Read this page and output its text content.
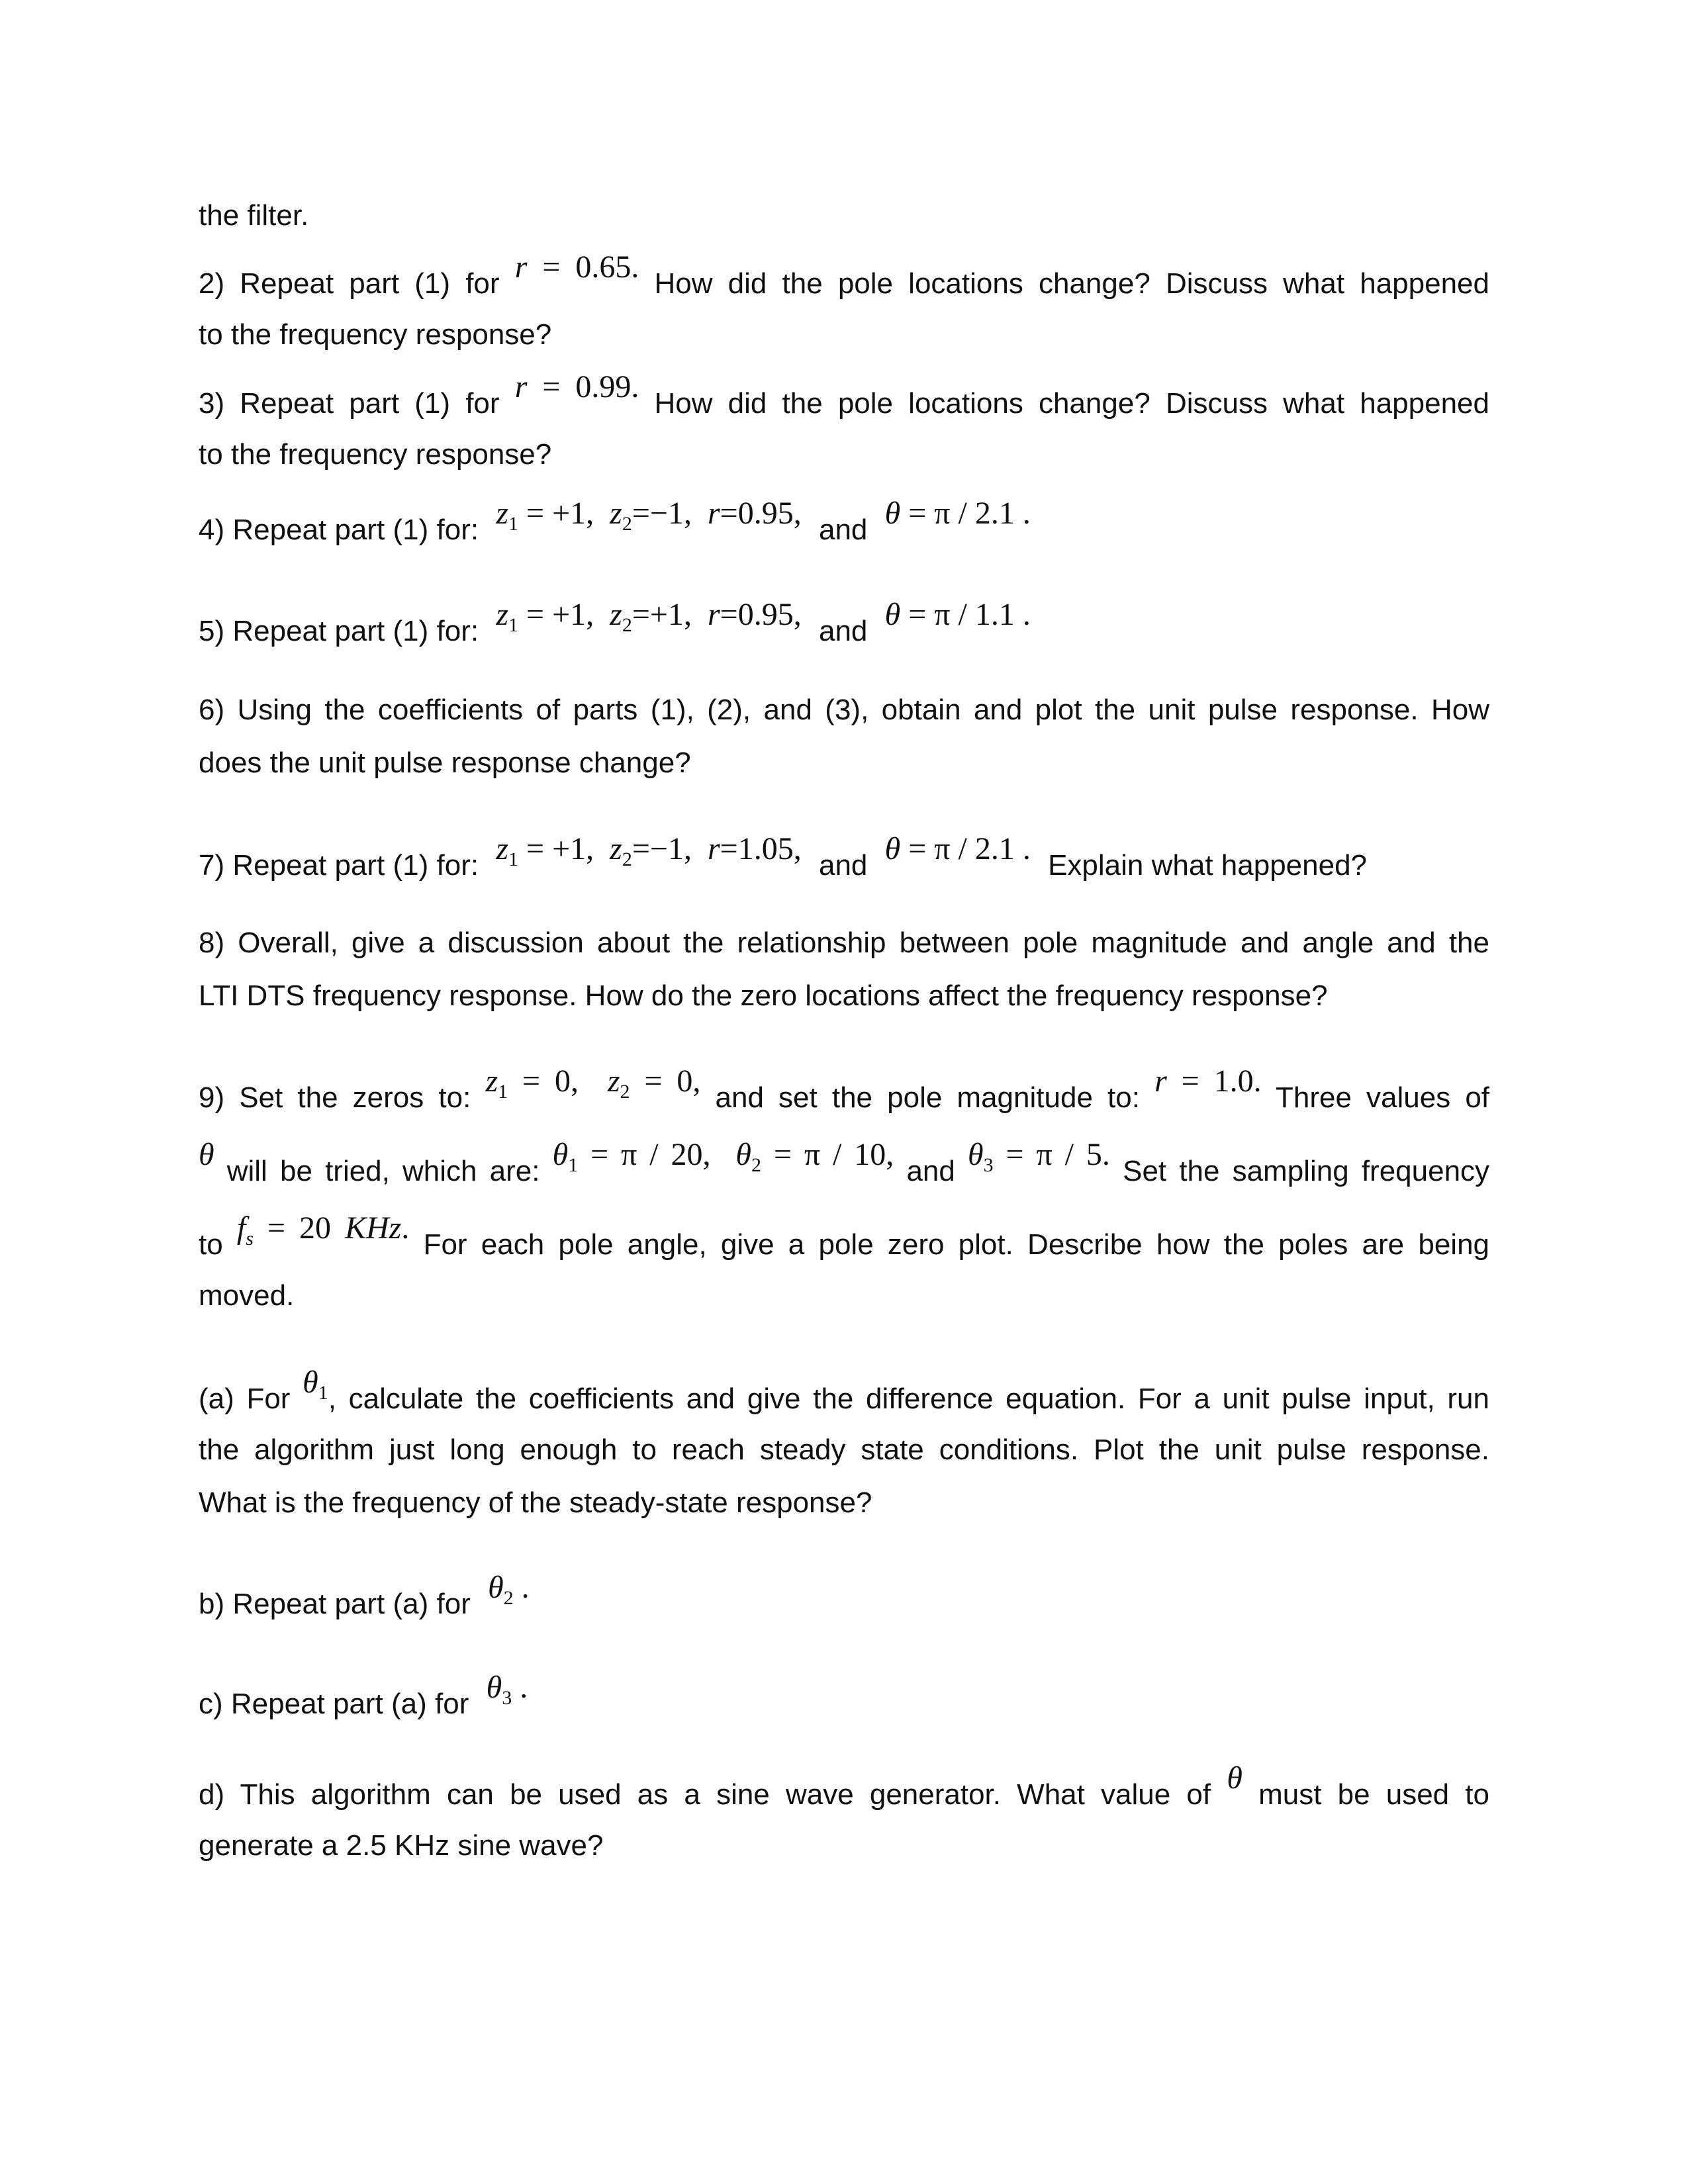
the filter.
2) Repeat part (1) for r = 0.65. How did the pole locations change? Discuss what happened
to the frequency response?
3) Repeat part (1) for r = 0.99. How did the pole locations change? Discuss what happened
to the frequency response?
4) Repeat part (1) for: $z_1 = +1$, $z_2=-1$, r=0.95, and θ = π / 2.1 .
5) Repeat part (1) for: $z_1 = +1$, $z_2=+1$, r=0.95, and θ = π / 1.1 .
6) Using the coefficients of parts (1), (2), and (3), obtain and plot the unit pulse response. How
does the unit pulse response change?
7) Repeat part (1) for: $z_1 = +1$, $z_2=-1$, r=1.05, and θ = π / 2.1 . Explain what happened?
8) Overall, give a discussion about the relationship between pole magnitude and angle and the
LTI DTS frequency response. How do the zero locations affect the frequency response?
9) Set the zeros to: $z_1 = 0$, $z_2 = 0$, and set the pole magnitude to: r = 1.0. Three values of
θ will be tried, which are: $\theta_1 = \pi / 20$, $\theta_2 = \pi / 10$, and $\theta_3 = \pi / 5$. Set the sampling frequency
to $f_s = 20$ KHz. For each pole angle, give a pole zero plot. Describe how the poles are being
moved.
(a) For $\theta_1$, calculate the coefficients and give the difference equation. For a unit pulse input, run
the algorithm just long enough to reach steady state conditions. Plot the unit pulse response.
What is the frequency of the steady-state response?
b) Repeat part (a) for $\theta_2$ .
c) Repeat part (a) for $\theta_3$ .
d) This algorithm can be used as a sine wave generator. What value of θ must be used to
generate a 2.5 KHz sine wave?
